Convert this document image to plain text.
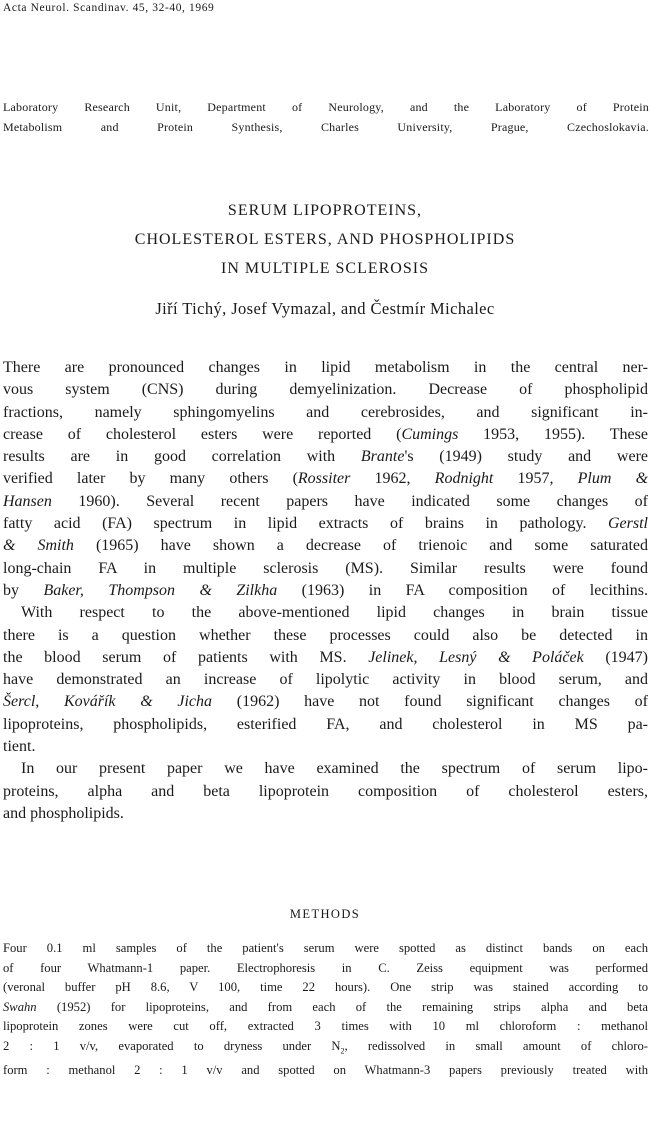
Acta Neurol. Scandinav. 45, 32-40, 1969
Laboratory Research Unit, Department of Neurology, and the Laboratory of Protein
Metabolism and Protein Synthesis, Charles University, Prague, Czechoslokavia.
SERUM LIPOPROTEINS,
CHOLESTEROL ESTERS, AND PHOSPHOLIPIDS
IN MULTIPLE SCLEROSIS
Jiří Tichý, Josef Vymazal, and Čestmír Michalec
There are pronounced changes in lipid metabolism in the central ner-
vous system (CNS) during demyelinization. Decrease of phospholipid
fractions, namely sphingomyelins and cerebrosides, and significant in-
crease of cholesterol esters were reported (Cumings 1953, 1955). These
results are in good correlation with Brante's (1949) study and were
verified later by many others (Rossiter 1962, Rodnight 1957, Plum &
Hansen 1960). Several recent papers have indicated some changes of
fatty acid (FA) spectrum in lipid extracts of brains in pathology. Gerstl
& Smith (1965) have shown a decrease of trienoic and some saturated
long-chain FA in multiple sclerosis (MS). Similar results were found
by Baker, Thompson & Zilkha (1963) in FA composition of lecithins.
With respect to the above-mentioned lipid changes in brain tissue
there is a question whether these processes could also be detected in
the blood serum of patients with MS. Jelinek, Lesný & Poláček (1947)
have demonstrated an increase of lipolytic activity in blood serum, and
Šercl, Kovářík & Jicha (1962) have not found significant changes of
lipoproteins, phospholipids, esterified FA, and cholesterol in MS pa-
tient.
In our present paper we have examined the spectrum of serum lipo-
proteins, alpha and beta lipoprotein composition of cholesterol esters,
and phospholipids.
METHODS
Four 0.1 ml samples of the patient's serum were spotted as distinct bands on each
of four Whatmann-1 paper. Electrophoresis in C. Zeiss equipment was performed
(veronal buffer pH 8.6, V 100, time 22 hours). One strip was stained according to
Swahn (1952) for lipoproteins, and from each of the remaining strips alpha and beta
lipoprotein zones were cut off, extracted 3 times with 10 ml chloroform : methanol
2 : 1 v/v, evaporated to dryness under $N_2$, redissolved in small amount of chloro-
form : methanol 2 : 1 v/v and spotted on Whatmann-3 papers previously treated with
